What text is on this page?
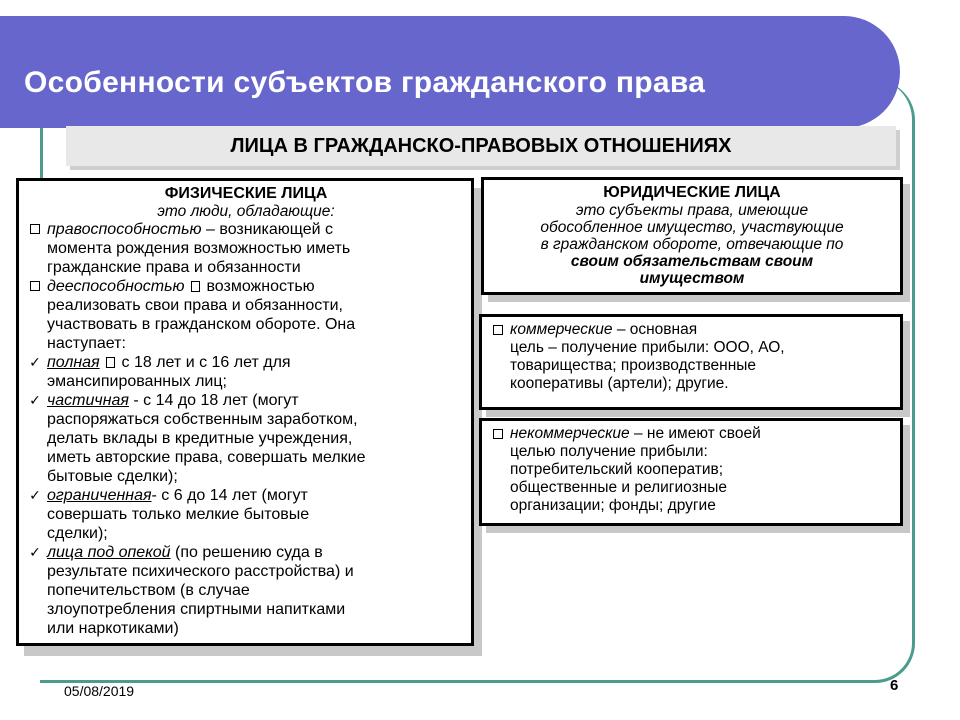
Особенности субъектов гражданского права
ЛИЦА В ГРАЖДАНСКО-ПРАВОВЫХ ОТНОШЕНИЯХ
ФИЗИЧЕСКИЕ ЛИЦА
это люди, обладающие:
правоспособностью – возникающей с
момента рождения возможностью иметь
гражданские права и обязанности
дееспособностью возможностью
реализовать свои права и обязанности,
участвовать в гражданском обороте. Она
наступает:
✓ полная с 18 лет и с 16 лет для
эмансипированных лиц;
✓ частичная - с 14 до 18 лет (могут
распоряжаться собственным заработком,
делать вклады в кредитные учреждения,
иметь авторские права, совершать мелкие
бытовые сделки);
✓ ограниченная- с 6 до 14 лет (могут
совершать только мелкие бытовые
сделки);
✓ лица под опекой (по решению суда в
результате психического расстройства) и
попечительством (в случае
злоупотребления спиртными напитками
или наркотиками)
ЮРИДИЧЕСКИЕ ЛИЦА
это субъекты права, имеющие
обособленное имущество, участвующие
в гражданском обороте, отвечающие по
своим обязательствам своим
имуществом
коммерческие – основная
цель – получение прибыли: ООО, АО,
товарищества; производственные
кооперативы (артели); другие.
некоммерческие – не имеют своей
целью получение прибыли:
потребительский кооператив;
общественные и религиозные
организации; фонды; другие
05/08/2019	6
